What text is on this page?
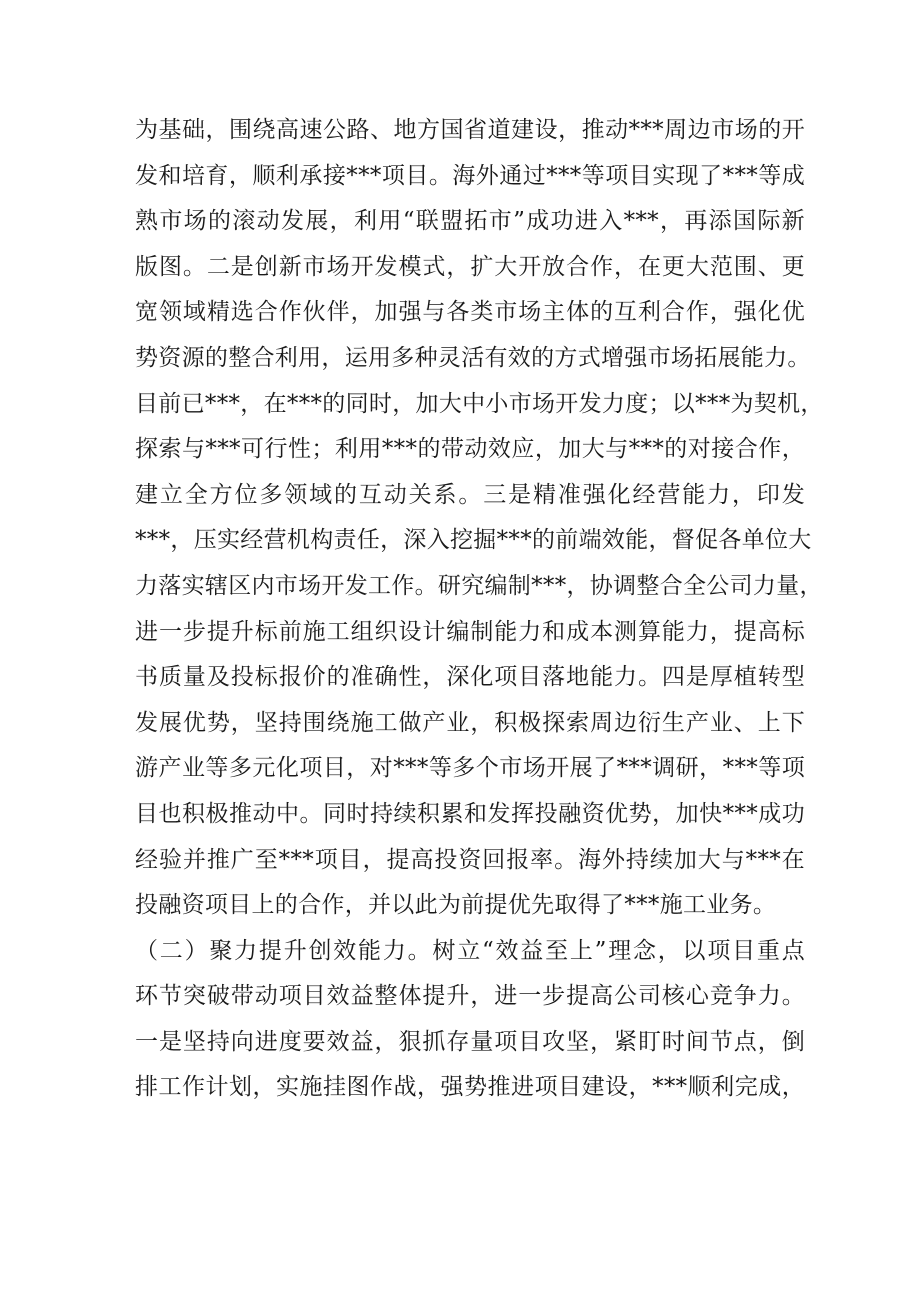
为基础，围绕高速公路、地方国省道建设，推动***周边市场的开
发和培育，顺利承接***项目。海外通过***等项目实现了***等成
熟市场的滚动发展，利用“联盟拓市”成功进入***，再添国际新
版图。二是创新市场开发模式，扩大开放合作，在更大范围、更
宽领域精选合作伙伴，加强与各类市场主体的互利合作，强化优
势资源的整合利用，运用多种灵活有效的方式增强市场拓展能力。
目前已***，在***的同时，加大中小市场开发力度；以***为契机，
探索与***可行性；利用***的带动效应，加大与***的对接合作，
建立全方位多领域的互动关系。三是精准强化经营能力，印发
***，压实经营机构责任，深入挖掘***的前端效能，督促各单位大
力落实辖区内市场开发工作。研究编制***，协调整合全公司力量，
进一步提升标前施工组织设计编制能力和成本测算能力，提高标
书质量及投标报价的准确性，深化项目落地能力。四是厚植转型
发展优势，坚持围绕施工做产业，积极探索周边衍生产业、上下
游产业等多元化项目，对***等多个市场开展了***调研，***等项
目也积极推动中。同时持续积累和发挥投融资优势，加快***成功
经验并推广至***项目，提高投资回报率。海外持续加大与***在
投融资项目上的合作，并以此为前提优先取得了***施工业务。
（二）聚力提升创效能力。树立“效益至上”理念，以项目重点
环节突破带动项目效益整体提升，进一步提高公司核心竞争力。
一是坚持向进度要效益，狠抓存量项目攻坚，紧盯时间节点，倒
排工作计划，实施挂图作战，强势推进项目建设，***顺利完成，
